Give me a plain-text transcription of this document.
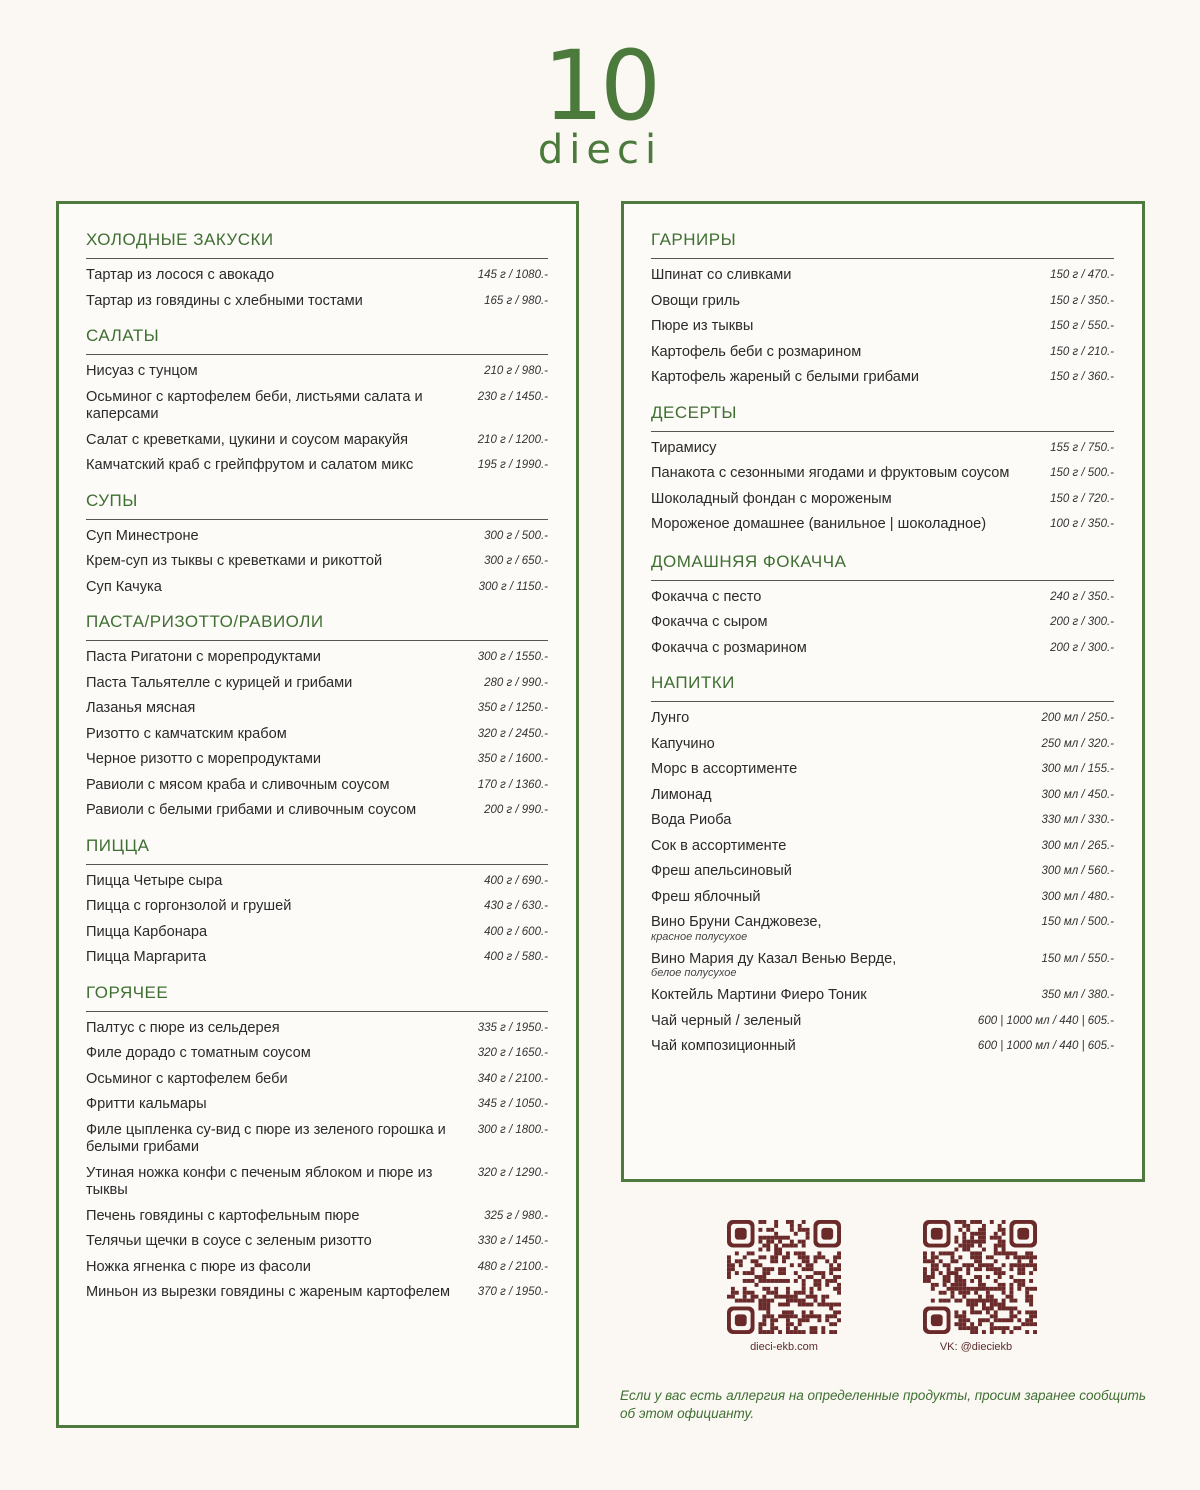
10
dieci
ХОЛОДНЫЕ ЗАКУСКИ
Тартар из лосося с авокадо	145 г / 1080.-
Тартар из говядины с хлебными тостами	165 г / 980.-
САЛАТЫ
Нисуаз с тунцом	210 г / 980.-
Осьминог с картофелем беби, листьями салата и каперсами
230 г / 1450.-
Салат с креветками, цукини и соусом маракуйя	210 г / 1200.-
Камчатский краб с грейпфрутом и салатом микс	195 г / 1990.-
СУПЫ
Суп Минестроне	300 г / 500.-
Крем-суп из тыквы с креветками и рикоттой	300 г / 650.-
Суп Качука	300 г / 1150.-
ПАСТА/РИЗОТТО/РАВИОЛИ
Паста Ригатони с морепродуктами	300 г / 1550.-
Паста Тальятелле с курицей и грибами	280 г / 990.-
Лазанья мясная	350 г / 1250.-
Ризотто с камчатским крабом	320 г / 2450.-
Черное ризотто с морепродуктами	350 г / 1600.-
Равиоли с мясом краба и сливочным соусом	170 г / 1360.-
Равиоли с белыми грибами и сливочным соусом	200 г / 990.-
ПИЦЦА
Пицца Четыре сыра	400 г / 690.-
Пицца с горгонзолой и грушей	430 г / 630.-
Пицца Карбонара	400 г / 600.-
Пицца Маргарита	400 г / 580.-
ГОРЯЧЕЕ
Палтус с пюре из сельдерея	335 г / 1950.-
Филе дорадо с томатным соусом	320 г / 1650.-
Осьминог с картофелем беби	340 г / 2100.-
Фритти кальмары	345 г / 1050.-
Филе цыпленка су-вид с пюре из зеленого горошка и белыми грибами
300 г / 1800.-
Утиная ножка конфи с печеным яблоком и пюре из тыквы
320 г / 1290.-
Печень говядины с картофельным пюре	325 г / 980.-
Телячьи щечки в соусе с зеленым ризотто	330 г / 1450.-
Ножка ягненка с пюре из фасоли	480 г / 2100.-
Миньон из вырезки говядины с жареным картофелем 370 г / 1950.-
ГАРНИРЫ
Шпинат со сливками	150 г / 470.-
Овощи гриль	150 г / 350.-
Пюре из тыквы	150 г / 550.-
Картофель беби с розмарином	150 г / 210.-
Картофель жареный с белыми грибами	150 г / 360.-
ДЕСЕРТЫ
Тирамису	155 г / 750.-
Панакота с сезонными ягодами и фруктовым соусом	150 г / 500.-
Шоколадный фондан с мороженым	150 г / 720.-
Мороженое домашнее (ванильное | шоколадное)	100 г / 350.-
ДОМАШНЯЯ ФОКАЧЧА
Фокачча с песто	240 г / 350.-
Фокачча с сыром	200 г / 300.-
Фокачча с розмарином	200 г / 300.-
НАПИТКИ
Лунго	200 мл / 250.-
Капучино	250 мл / 320.-
Морс в ассортименте	300 мл / 155.-
Лимонад	300 мл / 450.-
Вода Риоба	330 мл / 330.-
Сок в ассортименте	300 мл / 265.-
Фреш апельсиновый	300 мл / 560.-
Фреш яблочный	300 мл / 480.-
Вино Бруни Санджовезе,
красное полусухое
150 мл / 500.-
Вино Мария ду Казал Венью Верде,
белое полусухое
150 мл / 550.-
Коктейль Мартини Фиеро Тоник	350 мл / 380.-
Чай черный / зеленый	600 | 1000 мл / 440 | 605.-
Чай композиционный	600 | 1000 мл / 440 | 605.-
dieci-ekb.com	VK: @dieciekb
Если у вас есть аллергия на определенные продукты, просим заранее сообщить об этом официанту.
